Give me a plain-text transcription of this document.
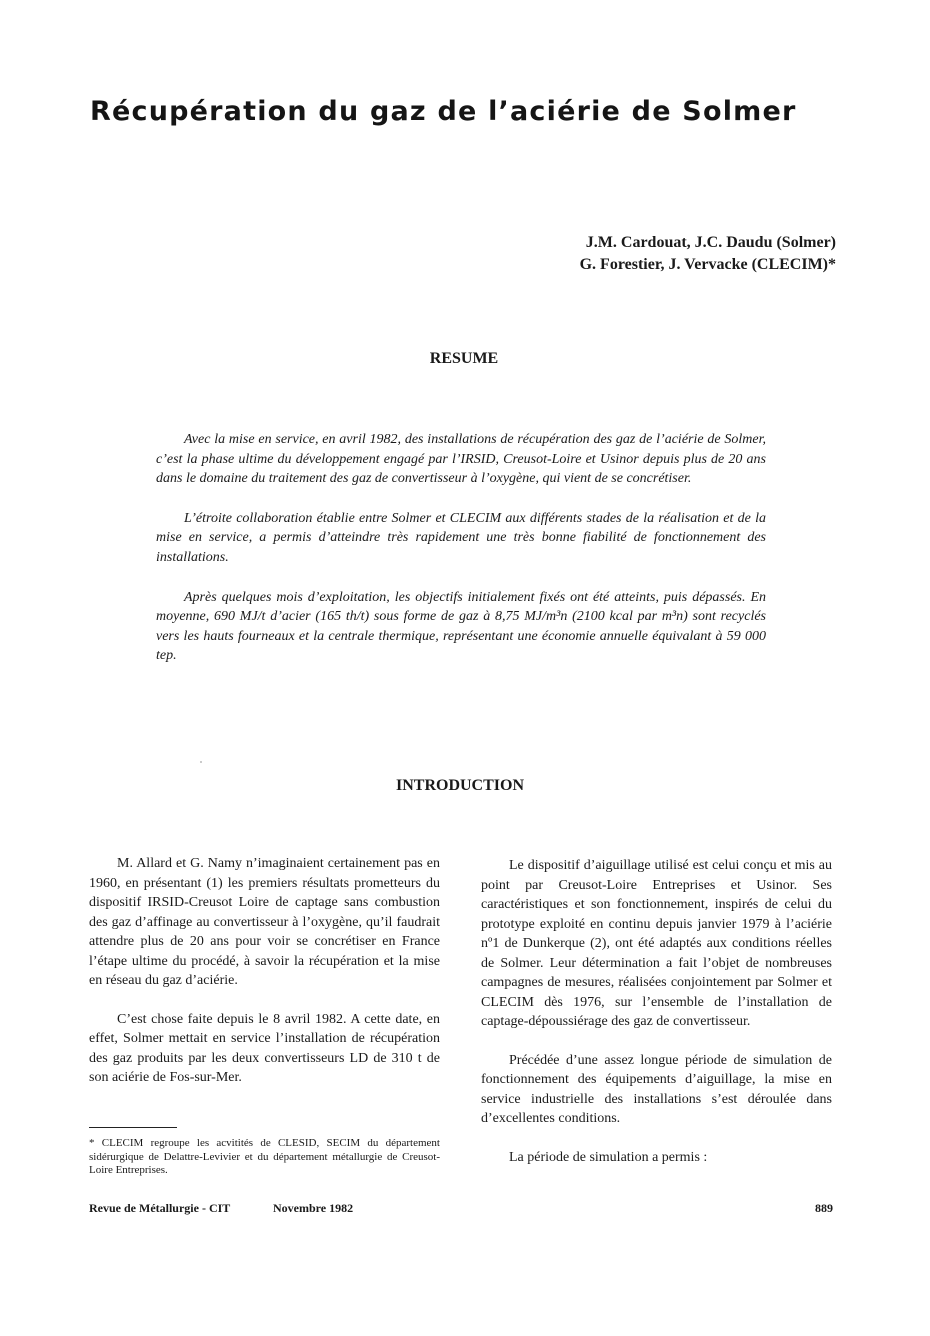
Récupération du gaz de l’aciérie de Solmer
J.M. Cardouat, J.C. Daudu (Solmer)
G. Forestier, J. Vervacke (CLECIM)*
RESUME

Avec la mise en service, en avril 1982, des installations de récupération des gaz de l’aciérie de Solmer, c’est la phase ultime du développement engagé par l’IRSID, Creusot-Loire et Usinor depuis plus de 20 ans dans le domaine du traitement des gaz de convertisseur à l’oxygène, qui vient de se concrétiser.

L’étroite collaboration établie entre Solmer et CLECIM aux différents stades de la réalisation et de la mise en service, a permis d’atteindre très rapidement une très bonne fiabilité de fonctionnement des installations.

Après quelques mois d’exploitation, les objectifs initialement fixés ont été atteints, puis dépassés. En moyenne, 690 MJ/t d’acier (165 th/t) sous forme de gaz à 8,75 MJ/m³n (2100 kcal par m³n) sont recyclés vers les hauts fourneaux et la centrale thermique, représentant une économie annuelle équivalant à 59 000 tep.

INTRODUCTION

M. Allard et G. Namy n’imaginaient certainement pas en 1960, en présentant (1) les premiers résultats prometteurs du dispositif IRSID-Creusot Loire de captage sans combustion des gaz d’affinage au convertisseur à l’oxygène, qu’il faudrait attendre plus de 20 ans pour voir se concrétiser en France l’étape ultime du procédé, à savoir la récupération et la mise en réseau du gaz d’aciérie.

C’est chose faite depuis le 8 avril 1982. A cette date, en effet, Solmer mettait en service l’installation de récupération des gaz produits par les deux convertisseurs LD de 310 t de son aciérie de Fos-sur-Mer.

Le dispositif d’aiguillage utilisé est celui conçu et mis au point par Creusot-Loire Entreprises et Usinor. Ses caractéristiques et son fonctionnement, inspirés de celui du prototype exploité en continu depuis janvier 1979 à l’aciérie nº1 de Dunkerque (2), ont été adaptés aux conditions réelles de Solmer. Leur détermination a fait l’objet de nombreuses campagnes de mesures, réalisées conjointement par Solmer et CLECIM dès 1976, sur l’ensemble de l’installation de captage-dépoussiérage des gaz de convertisseur.

Précédée d’une assez longue période de simulation de fonctionnement des équipements d’aiguillage, la mise en service industrielle des installations s’est déroulée dans d’excellentes conditions.

La période de simulation a permis :

* CLECIM regroupe les acvitités de CLESID, SECIM du département sidérurgique de Delattre-Levivier et du département métallurgie de Creusot-Loire Entreprises.
Revue de Métallurgie - CIT	Novembre 1982	889
